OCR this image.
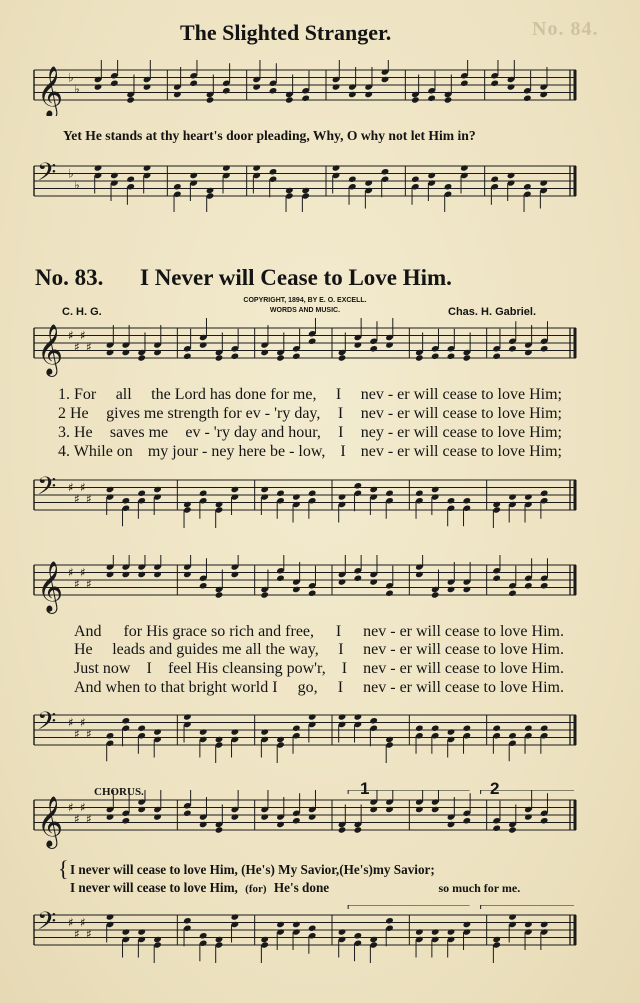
No. 84.
The Slighted Stranger.
𝄞 ♭
♭
Yet He stands at thy heart's door pleading, Why, O why not let Him in?
𝄢 ♭
♭
No. 83. I Never will Cease to Love Him.
C. H. G.
COPYRIGHT, 1894, BY E. O. EXCELL.
WORDS AND MUSIC.	Chas. H. Gabriel.
𝄞 ♯
♯
♯
♯
1. For all the Lord has done for me, I nev - er will cease to love Him;
2 He gives me strength for ev - 'ry day, I nev - er will cease to love Him;
3. He saves me ev - 'ry day and hour, I ney - er will cease to love Him;
4. While on my jour - ney here be - low, I nev - er will cease to love Him;
𝄢 ♯
♯
♯
♯
𝄞 ♯
♯
♯
♯
And for His grace so rich and free, I nev - er will cease to love Him.
He leads and guides me all the way, I nev - er will cease to love Him.
Just now I feel His cleansing pow'r, I nev - er will cease to love Him.
And when to that bright world I go, I nev - er will cease to love Him.
𝄢 ♯
♯
♯
♯
CHORUS.	1	2
𝄞 ♯
♯
♯
♯
{ I never will cease to love Him, (He's) My Savior,(He's)my Savior;
I never will cease to love Him, (for) He's done	so much for me.
𝄢 ♯
♯
♯
♯
